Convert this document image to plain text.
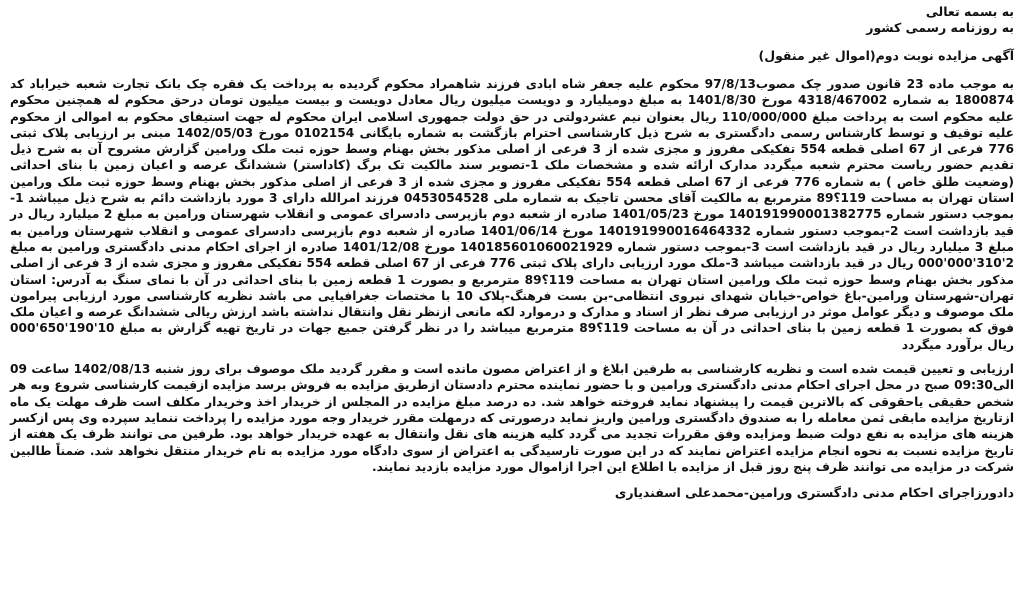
به بسمه تعالی
به روزنامه رسمی کشور
آگهی مزایده نوبت دوم(اموال غیر منقول)
به موجب ماده 23 قانون صدور چک مصوب97/8/13 محکوم علیه جعفر شاه ابادی فرزند شاهمراد محکوم گردیده به پرداخت یک فقره چک بانک تجارت شعبه خیراباد کد 1800874 به شماره 4318/467002 مورخ 1401/8/30 به مبلغ دومیلیارد و دویست میلیون ریال معادل دویست و بیست میلیون تومان درحق محکوم له همچنین محکوم علیه محکوم است به پرداخت مبلغ 110/000/000 ریال بعنوان نیم عشردولتی در حق دولت جمهوری اسلامی ایران محکوم له جهت استیفای محکوم به اموالی از محکوم علیه توقیف و توسط کارشناس رسمی دادگستری به شرح ذیل کارشناسی احترام بازگشت به شماره بایگانی 0102154 مورخ 1402/05/03 مبنی بر ارزیابی پلاک ثبتی 776 فرعی از 67 اصلی قطعه 554 تفکیکی مفروز و مجزی شده از 3 فرعی از اصلی مذکور بخش بهنام وسط حوزه ثبت ملک ورامین گزارش مشروح آن به شرح ذیل تقدیم حضور ریاست محترم شعبه میگردد مدارک ارائه شده و مشخصات ملک 1-تصویر سند مالکیت تک برگ (کاداستر) ششدانگ عرصه و اعیان زمین با بنای احداثی (وضعیت طلق خاص ) به شماره 776 فرعی از 67 اصلی قطعه 554 تفکیکی مفروز و مجزی شده از 3 فرعی از اصلی مذکور بخش بهنام وسط حوزه ثبت ملک ورامین استان تهران به مساحت 119؟89 مترمربع به مالکیت آقای محسن تاجیک به شماره ملی 0453054528 فرزند امرالله دارای 3 مورد بازداشت دائم به شرح ذیل میباشد 1-بموجب دستور شماره 140191990001382775 مورخ 1401/05/23 صادره از شعبه دوم بازپرسی دادسرای عمومی و انقلاب شهرستان ورامین به مبلغ 2 میلیارد ریال در قید بازداشت است 2-بموجب دستور شماره 140191990016464332 مورخ 1401/06/14 صادره از شعبه دوم بازپرسی دادسرای عمومی و انقلاب شهرستان ورامین به مبلغ 3 میلیارد ریال در قید بازداشت است 3-بموجب دستور شماره 140185601060021929 مورخ 1401/12/08 صادره از اجرای احکام مدنی دادگستری ورامین به مبلغ 2'310'000'000 ریال در قید بازداشت میباشد 3-ملک مورد ارزیابی دارای پلاک ثبتی 776 فرعی از 67 اصلی قطعه 554 تفکیکی مفروز و مجزی شده از 3 فرعی از اصلی مذکور بخش بهنام وسط حوزه ثبت ملک ورامین استان تهران به مساحت 119؟89 مترمربع و بصورت 1 قطعه زمین با بنای احداثی در آن با نمای سنگ به آدرس: استان تهران-شهرستان ورامین-باغ خواص-خیابان شهدای نیروی انتظامی-بن بست فرهنگ-پلاک 10 با مختصات جغرافیایی می باشد نظریه کارشناسی مورد ارزیابی پیرامون ملک موصوف و دیگر عوامل موثر در ارزیابی صرف نظر از اسناد و مدارک و درموارد لکه مانعی ازنظر نقل وانتقال نداشته باشد ارزش ریالی ششدانگ عرصه و اعیان ملک فوق که بصورت 1 قطعه زمین با بنای احداثی در آن به مساحت 119؟89 مترمربع میباشد را در نظر گرفتن جمیع جهات در تاریخ تهیه گزارش به مبلغ 10'190'650'000 ریال برآورد میگردد
ارزیابی و تعیین قیمت شده است و نظریه کارشناسی به طرفین ابلاغ و از اعتراض مصون مانده است و مقرر گردید ملک موصوف برای روز شنبه 1402/08/13 ساعت 09 الی09:30 صبح در محل اجرای احکام مدنی دادگستری ورامین و با حضور نماینده محترم دادستان ازطریق مزایده به فروش برسد مزایده ازقیمت کارشناسی شروع وبه هر شخص حقیقی یاحقوقی که بالاترین قیمت را پیشنهاد نماید فروخته خواهد شد. ده درصد مبلغ مزایده در المجلس از خریدار اخذ وخریدار مکلف است ظرف مهلت یک ماه ازتاریخ مزایده مابقی ثمن معامله را به صندوق دادگستری ورامین واریز نماید درصورتی که درمهلت مقرر خریدار وجه مورد مزایده را پرداخت ننماید سپرده وی پس ازکسر هزینه های مزایده به نفع دولت ضبط ومزایده وفق مقررات تجدید می گردد کلیه هزینه های نقل وانتقال به عهده خریدار خواهد بود. طرفین می توانند ظرف یک هفته از تاریخ مزایده نسبت به نحوه انجام مزایده اعتراض نمایند که در این صورت تارسیدگی به اعتراض از سوی دادگاه مورد مزایده به نام خریدار منتقل نخواهد شد. ضمناً طالبین شرکت در مزایده می توانند ظرف پنج روز قبل از مزایده با اطلاع این اجرا ازاموال مورد مزایده بازدید نمایند.
دادورزاجرای احکام مدنی دادگستری ورامین-محمدعلی اسفندیاری
